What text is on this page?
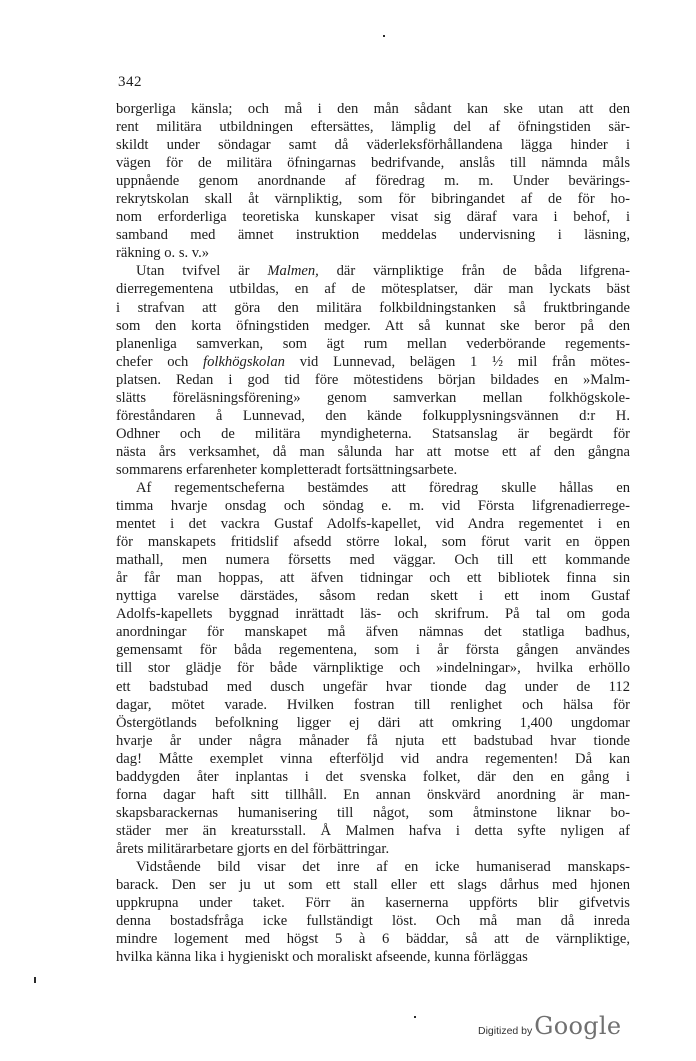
342
borgerliga känsla; och må i den mån sådant kan ske utan att den
rent militära utbildningen eftersättes, lämplig del af öfningstiden sär-
skildt under söndagar samt då väderleksförhållandena lägga hinder i
vägen för de militära öfningarnas bedrifvande, anslås till nämnda måls
uppnående genom anordnande af föredrag m. m. Under bevärings-
rekrytskolan skall åt värnpliktig, som för bibringandet af de för ho-
nom erforderliga teoretiska kunskaper visat sig däraf vara i behof, i
samband med ämnet instruktion meddelas undervisning i läsning,
räkning o. s. v.»
Utan tvifvel är Malmen, där värnpliktige från de båda lifgrena-
dierregementena utbildas, en af de mötesplatser, där man lyckats bäst
i strafvan att göra den militära folkbildningstanken så fruktbringande
som den korta öfningstiden medger. Att så kunnat ske beror på den
planenliga samverkan, som ägt rum mellan vederbörande regements-
chefer och folkhögskolan vid Lunnevad, belägen 1 ½ mil från mötes-
platsen. Redan i god tid före mötestidens början bildades en »Malm-
slätts föreläsningsförening» genom samverkan mellan folkhögskole-
föreståndaren å Lunnevad, den kände folkupplysningsvännen d:r H.
Odhner och de militära myndigheterna. Statsanslag är begärdt för
nästa års verksamhet, då man sålunda har att motse ett af den gångna
sommarens erfarenheter kompletteradt fortsättningsarbete.
Af regementscheferna bestämdes att föredrag skulle hållas en
timma hvarje onsdag och söndag e. m. vid Första lifgrenadierrege-
mentet i det vackra Gustaf Adolfs-kapellet, vid Andra regementet i en
för manskapets fritidslif afsedd större lokal, som förut varit en öppen
mathall, men numera försetts med väggar. Och till ett kommande
år får man hoppas, att äfven tidningar och ett bibliotek finna sin
nyttiga varelse därstädes, såsom redan skett i ett inom Gustaf
Adolfs-kapellets byggnad inrättadt läs- och skrifrum. På tal om goda
anordningar för manskapet må äfven nämnas det statliga badhus,
gemensamt för båda regementena, som i år första gången användes
till stor glädje för både värnpliktige och »indelningar», hvilka erhöllo
ett badstubad med dusch ungefär hvar tionde dag under de 112
dagar, mötet varade. Hvilken fostran till renlighet och hälsa för
Östergötlands befolkning ligger ej däri att omkring 1,400 ungdomar
hvarje år under några månader få njuta ett badstubad hvar tionde
dag! Måtte exemplet vinna efterföljd vid andra regementen! Då kan
baddygden åter inplantas i det svenska folket, där den en gång i
forna dagar haft sitt tillhåll. En annan önskvärd anordning är man-
skapsbarackernas humanisering till något, som åtminstone liknar bo-
städer mer än kreatursstall. Å Malmen hafva i detta syfte nyligen af
årets militärarbetare gjorts en del förbättringar.
Vidstående bild visar det inre af en icke humaniserad manskaps-
barack. Den ser ju ut som ett stall eller ett slags dårhus med hjonen
uppkrupna under taket. Förr än kasernerna uppförts blir gifvetvis
denna bostadsfråga icke fullständigt löst. Och må man då inreda
mindre logement med högst 5 à 6 bäddar, så att de värnpliktige,
hvilka känna lika i hygieniskt och moraliskt afseende, kunna förläggas
Digitized by Google
